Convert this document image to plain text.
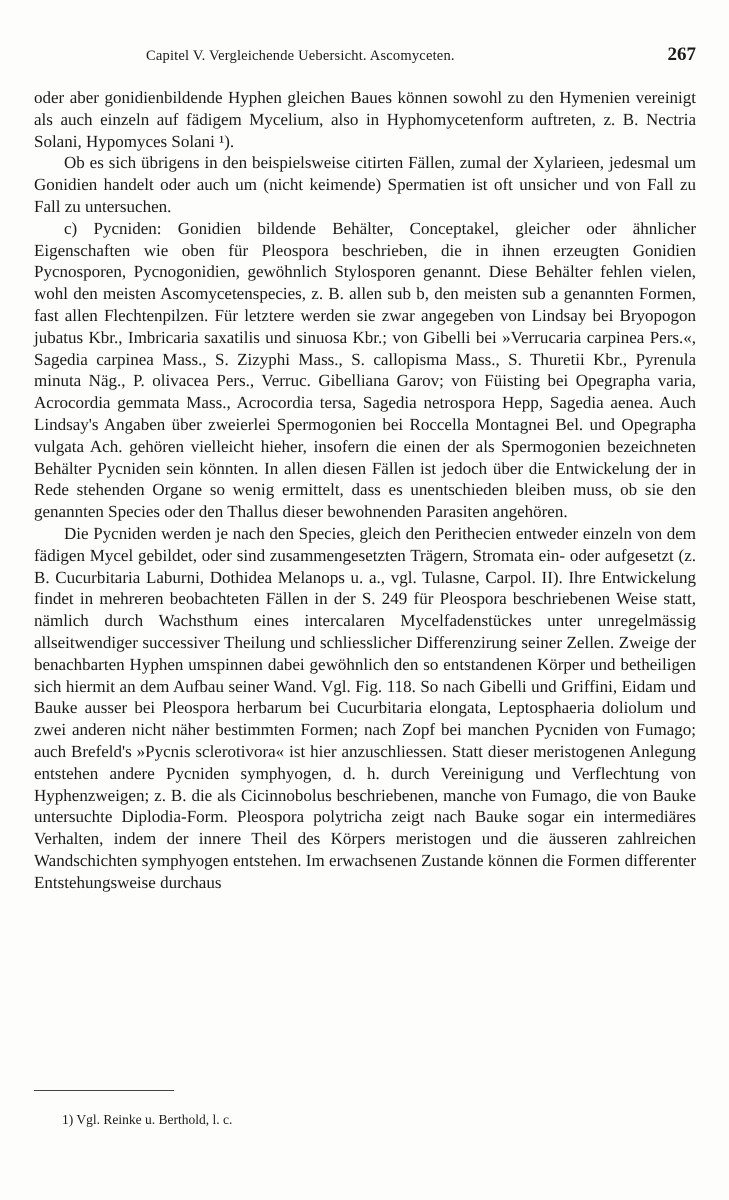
Capitel V. Vergleichende Uebersicht. Ascomyceten.	267

oder aber gonidienbildende Hyphen gleichen Baues können sowohl zu den Hymenien vereinigt als auch einzeln auf fädigem Mycelium, also in Hyphomycetenform auftreten, z. B. Nectria Solani, Hypomyces Solani ¹).

Ob es sich übrigens in den beispielsweise citirten Fällen, zumal der Xylarieen, jedesmal um Gonidien handelt oder auch um (nicht keimende) Spermatien ist oft unsicher und von Fall zu Fall zu untersuchen.

c) Pycniden: Gonidien bildende Behälter, Conceptakel, gleicher oder ähnlicher Eigenschaften wie oben für Pleospora beschrieben, die in ihnen erzeugten Gonidien Pycnosporen, Pycnogonidien, gewöhnlich Stylosporen genannt. Diese Behälter fehlen vielen, wohl den meisten Ascomycetenspecies, z. B. allen sub b, den meisten sub a genannten Formen, fast allen Flechtenpilzen. Für letztere werden sie zwar angegeben von Lindsay bei Bryopogon jubatus Kbr., Imbricaria saxatilis und sinuosa Kbr.; von Gibelli bei »Verrucaria carpinea Pers.«, Sagedia carpinea Mass., S. Zizyphi Mass., S. callopisma Mass., S. Thuretii Kbr., Pyrenula minuta Näg., P. olivacea Pers., Verruc. Gibelliana Garov; von Füisting bei Opegrapha varia, Acrocordia gemmata Mass., Acrocordia tersa, Sagedia netrospora Hepp, Sagedia aenea. Auch Lindsay's Angaben über zweierlei Spermogonien bei Roccella Montagnei Bel. und Opegrapha vulgata Ach. gehören vielleicht hieher, insofern die einen der als Spermogonien bezeichneten Behälter Pycniden sein könnten. In allen diesen Fällen ist jedoch über die Entwickelung der in Rede stehenden Organe so wenig ermittelt, dass es unentschieden bleiben muss, ob sie den genannten Species oder den Thallus dieser bewohnenden Parasiten angehören.

Die Pycniden werden je nach den Species, gleich den Perithecien entweder einzeln von dem fädigen Mycel gebildet, oder sind zusammengesetzten Trägern, Stromata ein- oder aufgesetzt (z. B. Cucurbitaria Laburni, Dothidea Melanops u. a., vgl. Tulasne, Carpol. II). Ihre Entwickelung findet in mehreren beobachteten Fällen in der S. 249 für Pleospora beschriebenen Weise statt, nämlich durch Wachsthum eines intercalaren Mycelfadenstückes unter unregelmässig allseitwendiger successiver Theilung und schliesslicher Differenzirung seiner Zellen. Zweige der benachbarten Hyphen umspinnen dabei gewöhnlich den so entstandenen Körper und betheiligen sich hiermit an dem Aufbau seiner Wand. Vgl. Fig. 118. So nach Gibelli und Griffini, Eidam und Bauke ausser bei Pleospora herbarum bei Cucurbitaria elongata, Leptosphaeria doliolum und zwei anderen nicht näher bestimmten Formen; nach Zopf bei manchen Pycniden von Fumago; auch Brefeld's »Pycnis sclerotivora« ist hier anzuschliessen. Statt dieser meristogenen Anlegung entstehen andere Pycniden symphyogen, d. h. durch Vereinigung und Verflechtung von Hyphenzweigen; z. B. die als Cicinnobolus beschriebenen, manche von Fumago, die von Bauke untersuchte Diplodia-Form. Pleospora polytricha zeigt nach Bauke sogar ein intermediäres Verhalten, indem der innere Theil des Körpers meristogen und die äusseren zahlreichen Wandschichten symphyogen entstehen. Im erwachsenen Zustande können die Formen differenter Entstehungsweise durchaus

1) Vgl. Reinke u. Berthold, l. c.
